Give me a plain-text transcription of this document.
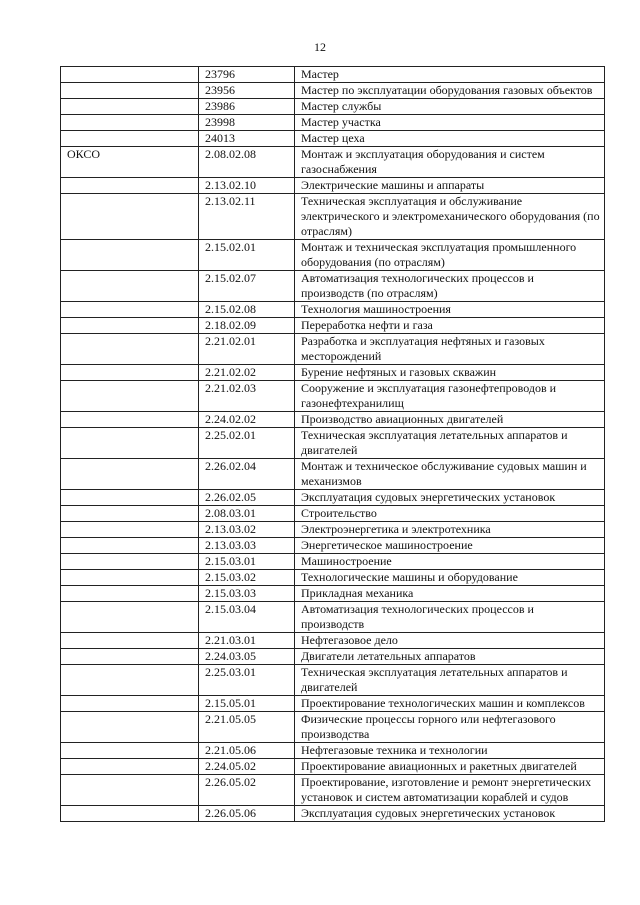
12
	23796	Мастер
	23956	Мастер по эксплуатации оборудования газовых объектов
	23986	Мастер службы
	23998	Мастер участка
	24013	Мастер цеха
ОКСО	2.08.02.08	Монтаж и эксплуатация оборудования и систем газоснабжения
	2.13.02.10	Электрические машины и аппараты
	2.13.02.11	Техническая эксплуатация и обслуживание электрического и электромеханического оборудования (по отраслям)
	2.15.02.01	Монтаж и техническая эксплуатация промышленного оборудования (по отраслям)
	2.15.02.07	Автоматизация технологических процессов и производств (по отраслям)
	2.15.02.08	Технология машиностроения
	2.18.02.09	Переработка нефти и газа
	2.21.02.01	Разработка и эксплуатация нефтяных и газовых месторождений
	2.21.02.02	Бурение нефтяных и газовых скважин
	2.21.02.03	Сооружение и эксплуатация газонефтепроводов и газонефтехранилищ
	2.24.02.02	Производство авиационных двигателей
	2.25.02.01	Техническая эксплуатация летательных аппаратов и двигателей
	2.26.02.04	Монтаж и техническое обслуживание судовых машин и механизмов
	2.26.02.05	Эксплуатация судовых энергетических установок
	2.08.03.01	Строительство
	2.13.03.02	Электроэнергетика и электротехника
	2.13.03.03	Энергетическое машиностроение
	2.15.03.01	Машиностроение
	2.15.03.02	Технологические машины и оборудование
	2.15.03.03	Прикладная механика
	2.15.03.04	Автоматизация технологических процессов и производств
	2.21.03.01	Нефтегазовое дело
	2.24.03.05	Двигатели летательных аппаратов
	2.25.03.01	Техническая эксплуатация летательных аппаратов и двигателей
	2.15.05.01	Проектирование технологических машин и комплексов
	2.21.05.05	Физические процессы горного или нефтегазового производства
	2.21.05.06	Нефтегазовые техника и технологии
	2.24.05.02	Проектирование авиационных и ракетных двигателей
	2.26.05.02	Проектирование, изготовление и ремонт энергетических установок и систем автоматизации кораблей и судов
	2.26.05.06	Эксплуатация судовых энергетических установок
